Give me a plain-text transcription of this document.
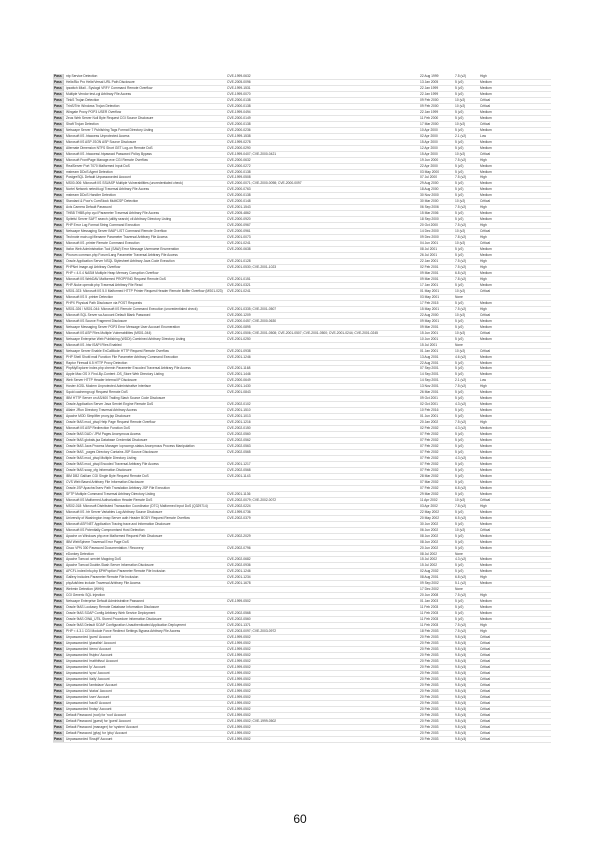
Pass	ntp Service Detection	CVE-1999-0632	22 Aug 1999	7.5 (v2)	High
Pass	Helix/Bio Pro Helix/Versal URL Path Disclosure	CVE-2005-0096	13 Jan 2005	5 (v2)	Medium
Pass	ipswitch IMail - Syslogd VRFY Command Remote Overflow	CVE-1999-1531	22 Jan 1999	5 (v2)	Medium
Pass	Multiple Vendor test-cgi Arbitrary File Access	CVE-1999-0070	22 Jan 1999	5 (v2)	Medium
Pass	TinkS Trojan Detection	CVE-2000-0138	09 Feb 2000	10 (v2)	Critical
Pass	TrinS/Trin Windows Trojan Detection	CVE-2000-0138	09 Feb 2000	10 (v2)	Critical
Pass	Wingate Proxy POP3 USER Overflow	CVE-1999-0494	22 Jan 1999	5 (v2)	Medium
Pass	Zeus Web Server Null Byte Request CGI Source Disclosure	CVE-2000-0149	11 Feb 2000	5 (v2)	Medium
Pass	Shaft Trojan Detection	CVE-2000-0138	17 Mar 2000	10 (v2)	Critical
Pass	Netscape Server 7 Publishing Tags Format Directory Listing	CVE-2000-0236	10 Apr 2000	5 (v2)	Medium
Pass	Microsoft IIS .htaccess Unprotected Access	CVE-1999-1538	02 Apr 2000	2.1 (v2)	Low
Pass	Microsoft IIS ASP JSON ASP Source Disclosure	CVE-1999-0278	15 Apr 2000	5 (v2)	Medium
Pass	Alternate Dimension NTFS Short GET Log-on Remote DoS	CVE-2000-0290	12 Apr 2000	5 (v2)	Medium
Pass	Microsoft IIS .htaccess/.htpasswd Password Policy Bypass	CVE-1999-0407; CVE-2000-0421	15 Apr 2000	10 (v2)	Critical
Pass	Microsoft FrontPage Manage.exe CGI Remote Overflow	CVE-2000-0632	19 Jun 2000	7.5 (v2)	High
Pass	RealServer Port 7070 Malformed Input DoS	CVE-2000-0272	22 Apr 2000	5 (v2)	Medium
Pass	mstream DDoS Agent Detection	CVE-2000-0138	03 May 2000	5 (v2)	Medium
Pass	PostgreSQL Default Unpassworded Account	CVE-1999-0508	07 Jul 2000	7.5 (v2)	High
Pass	MS00-006: Microsoft IIS SSI/ASP Multiple Vulnerabilities (uncredentialed check)	CVE-2000-0071; CVE-2000-0098; CVE-2000-0097	29 Aug 2000	5 (v2)	Medium
Pass	Nortel Network netedit.cgi Traversal Arbitrary File Access	CVE-2000-0763	18 Aug 2000	5 (v2)	Medium
Pass	mstream DDoS Handler Detection	CVE-2000-0138	30 Nov 2000	5 (v2)	Medium
Pass	Standard & Poor's ComStock MultiCSP Detection	CVE-2000-0148	30 Mar 2000	10 (v2)	Critical
Pass	Axis Camera Default Password	CVE-2001-1543	06 Sep 2006	7.5 (v2)	High
Pass	THBB THBB.php cycl Parameter Traversal Arbitrary File Access	CVE-2005-4862	15 Mar 2006	5 (v2)	Medium
Pass	Spiteful Server SAFT search (utility search) ctl Arbitrary Directory Listing	CVE-2000-0920	18 Sep 2000	5 (v2)	Medium
Pass	PHP Error Log Format String Command Execution	CVE-2000-0967	20 Oct 2000	7.5 (v2)	High
Pass	Netscape Messaging Server IMAP LIST Command Remote Overflow	CVE-2000-0961	14 Dec 2000	10 (v2)	Critical
Pass	Technote main.cgi filename Parameter Traversal Arbitrary File Access	CVE-2001-0073	09 Dec 2000	7.8 (v2)	High
Pass	Microsoft IIS .printer Remote Command Execution	CVE-2001-0241	04 Jun 2001	10 (v2)	Critical
Pass	Itafox Web Administration Tool (SAW) Error Message Username Enumeration	CVE-2000-0638	08 Jul 2001	5 (v2)	Medium
Pass	Phorum common.php Forum/Lang Parameter Traversal Arbitrary File Access	26 Jul 2001	5 (v2)	Medium
Pass	Oracle Application Server NSQL Stylesheet Arbitrary Java Code Execution	CVE-2001-0128	22 Jan 2001	7.5 (v2)	High
Pass	PHPNet Image.cgi Arbitrary Overflow	CVE-2001-0530; CVE-2001-1023	02 Feb 2001	7.5 (v2)	High
Pass	PHP < 4.0.4 NASM Multiple Heap Memory Corruption Overflow	09 Mar 2001	6.8 (v2)	Medium
Pass	Microsoft IIS WebDAV Malformed PROPFIND Request Remote DoS	CVE-2001-0151	09 Mar 2001	7.8 (v2)	High
Pass	PHP-Nuke opendir.php Traversal Arbitrary File Read	CVE-2001-0321	17 Jan 2001	5 (v2)	Medium
Pass	MS01-023: Microsoft IIS 5.0 Malformed HTTP Printer Request Header Remote Buffer Overflow (MS01-023)	CVE-2001-0241	01 May 2001	10 (v2)	Critical
Pass	Microsoft IIS 5 .printer Detection	03 May 2001	None
Pass	PHPX Physical Path Disclosure via POST Requests	17 Feb 2015	5 (v2)	Medium
Pass	MS01-026 / MS01-044: Microsoft IIS Remote Command Execution (uncredentialed check)	CVE-2001-0335; CVE-2001-0507	15 May 2001	7.5 (v2)	High
Pass	Microsoft SQL Server sa Account Default Blank Password	CVE-2000-1209	22 Aug 2000	10 (v2)	Critical
Pass	Microsoft IIS Source Fragment Disclosure	CVE-2000-0457; CVE-2000-0630	09 May 2001	5 (v2)	Medium
Pass	Netscape Messaging Server POP3 Error Message User Account Enumeration	CVE-2000-0895	09 Mar 2001	5 (v2)	Medium
Pass	Microsoft IIS ASP Files Multiple Vulnerabilities (MS01-044)	CVE-2001-0506; CVE-2001-0508; CVE-2001-0507; CVE-2001-0500; CVE-2001-0244; CVE-2001-0245	15 Jun 2001	10 (v2)	Critical
Pass	Netscape Enterprise Web Publishing (WDDI) Combined Arbitrary Directory Listing	CVE-2001-0250	10 Jun 2001	5 (v2)	Medium
Pass	Microsoft IIS .htw ISAPI Files Enabled	15 Jul 2001	None
Pass	Netscape Server Enable EnCalMode HTTP Request Remote Overflow	CVE-2001-0938	01 Jan 2001	10 (v2)	Critical
Pass	PHP Shell Shuttl mail Function File Parameter Arbitrary Command Execution	CVE-2001-1246	13 Aug 2001	4.6 (v2)	Medium
Pass	Raptor Firewall 6.5 HTTP Proxy Detection	22 Aug 2001	5 (v2)	Medium
Pass	PhpMyExplorer index.php chemin Parameter Encoded Traversal Arbitrary File Access	CVE-2001-1168	07 Sep 2001	5 (v2)	Medium
Pass	Apple Mac OS X Find-By-Content .DS_Store Web Directory Listing	CVE-2001-1446	14 Sep 2001	5 (v2)	Medium
Pass	Web Server HTTP Header Internal IP Disclosure	CVE-2000-0649	14 Sep 2001	2.1 (v2)	Low
Pass	Hoster 4GSL Modem Unprotected Administrative Interface	CVE-2001-1430	13 Nov 2001	7.5 (v2)	High
Pass	Squid cachemgr.cgi Request Remote DoS	CVE-2001-0843	26 Mar 2001	5 (v2)	Medium
Pass	IBM HTTP Server on AS/400 Trailing Slash Source Code Disclosure	09 Oct 2001	5 (v2)	Medium
Pass	Oracle Application Server Java Servlet Engine Remote DoS	CVE-2002-0102	02 Oct 2001	4.3 (v2)	Medium
Pass	Allaire JRun Directory Traversal Arbitrary Access	CVE-2001-1510	10 Feb 2016	5 (v2)	Medium
Pass	Apache MOD Simplifier proxy.jsp Disclosure	CVE-2001-1013	01 Jun 2001	5 (v2)	Medium
Pass	Oracle 9iAS mod_plsql Help Page Request Remote Overflow	CVE-2001-1216	20 Jan 2002	7.5 (v2)	High
Pass	Microsoft IIS ASP Redirection Function DoS	CVE-2002-0150	02 Feb 2002	4.3 (v2)	Medium
Pass	Oracle 9iAS DAD / JPM Pages Anonymous Access	CVE-2002-0560	07 Feb 2002	5 (v2)	Medium
Pass	Oracle 9iAS globals.jsa Database Credential Disclosure	CVE-2002-0562	07 Feb 2002	5 (v2)	Medium
Pass	Oracle 9iAS Java Process Manager /oprocmgr-status Anonymous Process Manipulation	CVE-2002-0563	07 Feb 2002	5 (v2)	Medium
Pass	Oracle 9iAS _pages Directory Contains JSP Source Disclosure	CVE-2002-0565	07 Feb 2002	5 (v2)	Medium
Pass	Oracle 9iAS mod_plsql Multiple Directory Listing	07 Feb 2002	4.3 (v2)	Medium
Pass	Oracle 9iAS mod_plsql Encoded Traversal Arbitrary File Access	CVE-2001-1217	07 Feb 2002	5 (v2)	Medium
Pass	Oracle 9iAS soap_cfg Information Disclosure	CVE-2002-0568	07 Feb 2002	5 (v2)	Medium
Pass	IBM DB2 Gallium CGI Single Byte Request Remote DoS	CVE-2001-1143	28 Mar 2002	5 (v2)	Medium
Pass	CVS Web Based Arbitrary File Information Disclosure	07 Mar 2002	5 (v2)	Medium
Pass	Oracle JSP Apache/Jserv Path Translation Arbitrary JSP File Execution	07 Feb 2002	6.8 (v2)	Medium
Pass	SFTP Multiple Command Traversal Arbitrary Directory Listing	CVE-2001-1136	29 Mar 2002	5 (v2)	Medium
Pass	Microsoft IIS Malformed Authorization Header Remote DoS	CVE-2002-0079; CVE-2002-0072	11 Apr 2002	10 (v2)	Critical
Pass	MS02-018: Microsoft Distributed Transaction Coordinator (DTC) Malformed Input DoS (Q329714)	CVE-2002-0224	03 Apr 2002	7.8 (v2)	High
Pass	Microsoft IIS .htr Server Variables Log Arbitrary Source Disclosure	CVE-1999-0736	22 May 2002	5 (v2)	Medium
Pass	University of Washington imap Server auth Header BODY Request Remote Overflow	CVE-2002-0379	20 May 2002	6.5 (v2)	Medium
Pass	Microsoft ASP.NET Application Tracing trace.axd Information Disclosure	30 Jun 2002	5 (v2)	Medium
Pass	Microsoft IIS Potentially Compromised Host Detection	06 Jun 2002	10 (v2)	Critical
Pass	Apache on Windows php.exe Malformed Request Path Disclosure	CVE-2002-2029	08 Jun 2002	5 (v2)	Medium
Pass	IBM WebSphere Traversal Error Page DoS	08 Jun 2002	5 (v2)	Medium
Pass	Cisco VPN 300 Password Documentation / Recovery	CVE-2002-0796	20 Jun 2002	5 (v2)	Medium
Pass	eDonkey Detection	08 Jul 2002	None
Pass	Apache Tomcat .servlet Mapping DoS	CVE-2002-0682	15 Jul 2002	4.3 (v2)	Medium
Pass	Apache Tomcat Double-Slash Server Information Disclosure	CVE-2002-0936	15 Jul 2002	5 (v2)	Medium
Pass	APCFL index/info.php $PHPoption Parameter Remote File Inclusion	CVE-2001-1246	02 Aug 2002	5 (v2)	Medium
Pass	Gallery includes Parameter Remote File Inclusion	CVE-2001-1234	08 Aug 2001	6.8 (v2)	High
Pass	phpAdsNew include Traversal Arbitrary File Access	CVE-2001-1678	09 Sep 2002	5.1 (v2)	Medium
Pass	Webmin Detection (WHN)	17 Dec 2002	None
Pass	CGI Generic SQL Injection	20 Jun 2008	7.5 (v2)	High
Pass	Netscape Enterprise Default Administrative Password	CVE-1999-0502	01 Jan 2003	5 (v2)	Medium
Pass	Oracle 9iAS Lookasry Remote Database Information Disclosure	11 Feb 2003	5 (v2)	Medium
Pass	Oracle 9iAS SOAP Config Arbitrary Web Service Deployment	CVE-2002-0568	11 Feb 2003	5 (v2)	Medium
Pass	Oracle 9iAS OWA_UTIL Stored Procedure Information Disclosure	CVE-2002-0560	11 Feb 2003	5 (v2)	Medium
Pass	Oracle 9iAS Default SOAP Configuration Unauthenticated Application Deployment	CVE-2001-1371	11 Feb 2003	7.5 (v2)	High
Pass	PHP < 4.3.1 CGI Module Force Redirect Settings Bypass Arbitrary File Access	CVE-2003-0097; CVE-2003-0972	18 Feb 2003	7.5 (v2)	High
Pass	Unpassworded 'guest' Account	CVE-1999-0502	20 Feb 2003	9.8 (v3)	Critical
Pass	Unpassworded 'glassfish' Account	CVE-1999-0502	20 Feb 2003	9.8 (v3)	Critical
Pass	Unpassworded 'demo' Account	CVE-1999-0502	20 Feb 2003	9.8 (v3)	Critical
Pass	Unpassworded 'ifsipho' Account	CVE-1999-0502	20 Feb 2003	9.8 (v3)	Critical
Pass	Unpassworded 'matthifsso' Account	CVE-1999-0502	20 Feb 2003	9.8 (v3)	Critical
Pass	Unpassworded 'ip' Account	CVE-1999-0502	20 Feb 2003	9.8 (v3)	Critical
Pass	Unpassworded 'sync' Account	CVE-1999-0502	20 Feb 2003	9.8 (v3)	Critical
Pass	Unpassworded 'daily' Account	CVE-1999-0502	20 Feb 2003	9.8 (v3)	Critical
Pass	Unpassworded 'lambdace' Account	CVE-1999-0502	20 Feb 2003	9.8 (v3)	Critical
Pass	Unpassworded 'status' Account	CVE-1999-0502	20 Feb 2003	9.8 (v3)	Critical
Pass	Unpassworded 'user' Account	CVE-1999-0502	20 Feb 2003	9.8 (v3)	Critical
Pass	Unpassworded 'bact0' Account	CVE-1999-0502	20 Feb 2003	9.8 (v3)	Critical
Pass	Unpassworded 'lindsp' Account	CVE-1999-0502	20 Feb 2003	9.8 (v3)	Critical
Pass	Default Password (root) for 'root' Account	CVE-1999-0502	20 Feb 2003	9.8 (v3)	Critical
Pass	Default Password (guest) for 'guest' Account	CVE-1999-0502; CVE-1999-0502	20 Feb 2003	9.8 (v3)	Critical
Pass	Default Password (manager) for 'system' Account	CVE-1999-0502	20 Feb 2003	9.8 (v3)	Critical
Pass	Default Password (gfuy) for 'gfuy' Account	CVE-1999-0502	20 Feb 2003	9.8 (v3)	Critical
Pass	Unpassworded 'Broujff' Account	CVE-1999-0502	20 Feb 2003	9.8 (v3)	Critical
60
